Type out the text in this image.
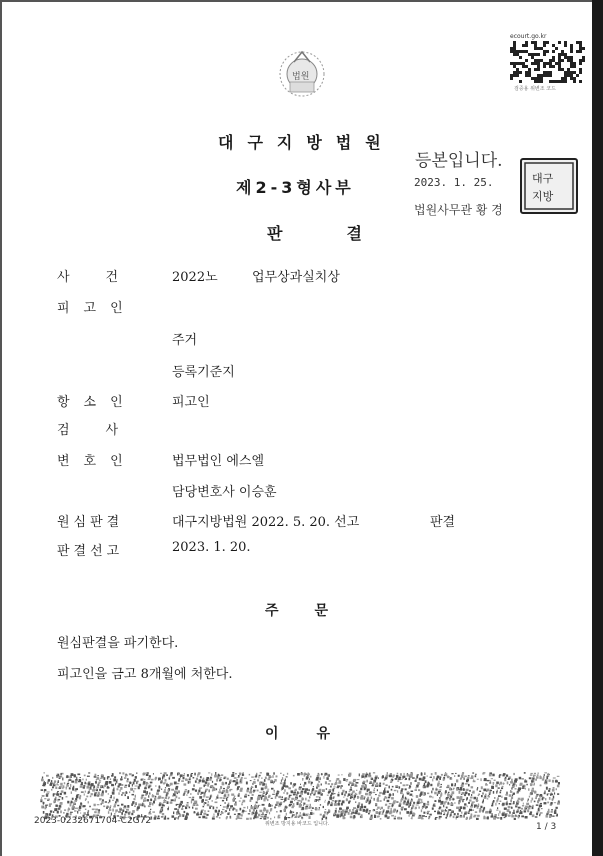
법원
ecourt.go.kr
검증용 위변조 코드
대구지방법원
제2-3형사부
판결
등본입니다.
2023. 1. 25.
법원사무관 황 경
대구
지방
사건 2022노	업무상과실치상
피고인
주거
등록기준지
항소인	피고인
검사
변호인	법무법인 에스엘
담당변호사 이승훈
원심판결	대구지방법원 2022. 5. 20. 선고	판결
판결선고	2023. 1. 20.
주문
원심판결을 파기한다.
피고인을 금고 8개월에 처한다.
이유
2023-0232671704-C2G72	위변조 방지용 바코드 입니다.	1 / 3
